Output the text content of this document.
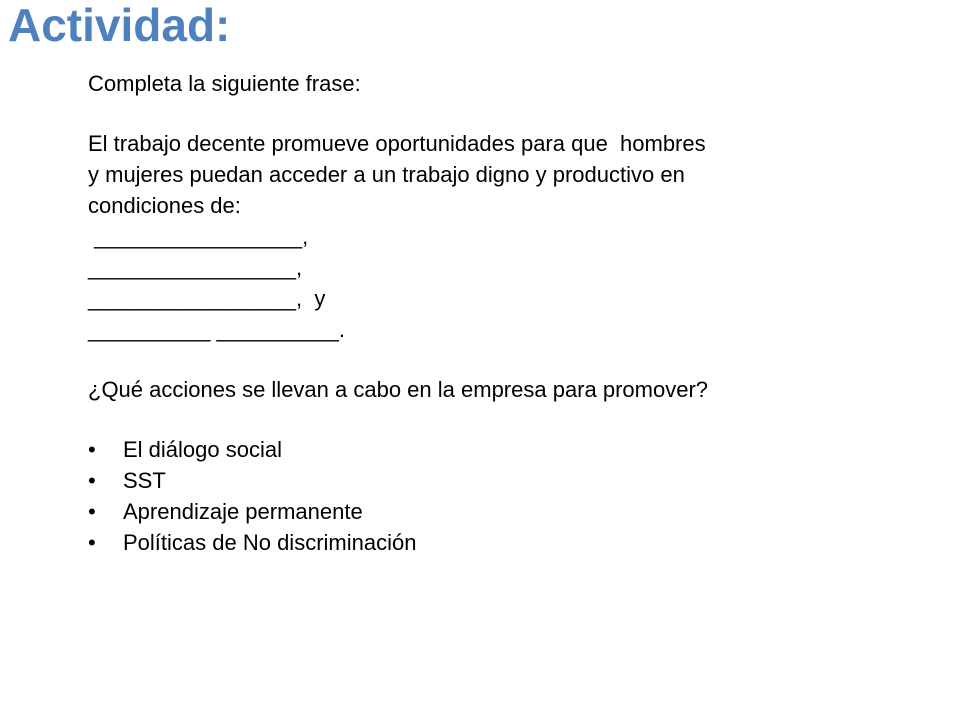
Actividad:
Completa la siguiente frase:
El trabajo decente promueve oportunidades para que  hombres
y mujeres puedan acceder a un trabajo digno y productivo en
condiciones de:
_________________,
_________________,
_________________,  y
__________ __________.
¿Qué acciones se llevan a cabo en la empresa para promover?
•	El diálogo social
•	SST
•	Aprendizaje permanente
•	Políticas de No discriminación
